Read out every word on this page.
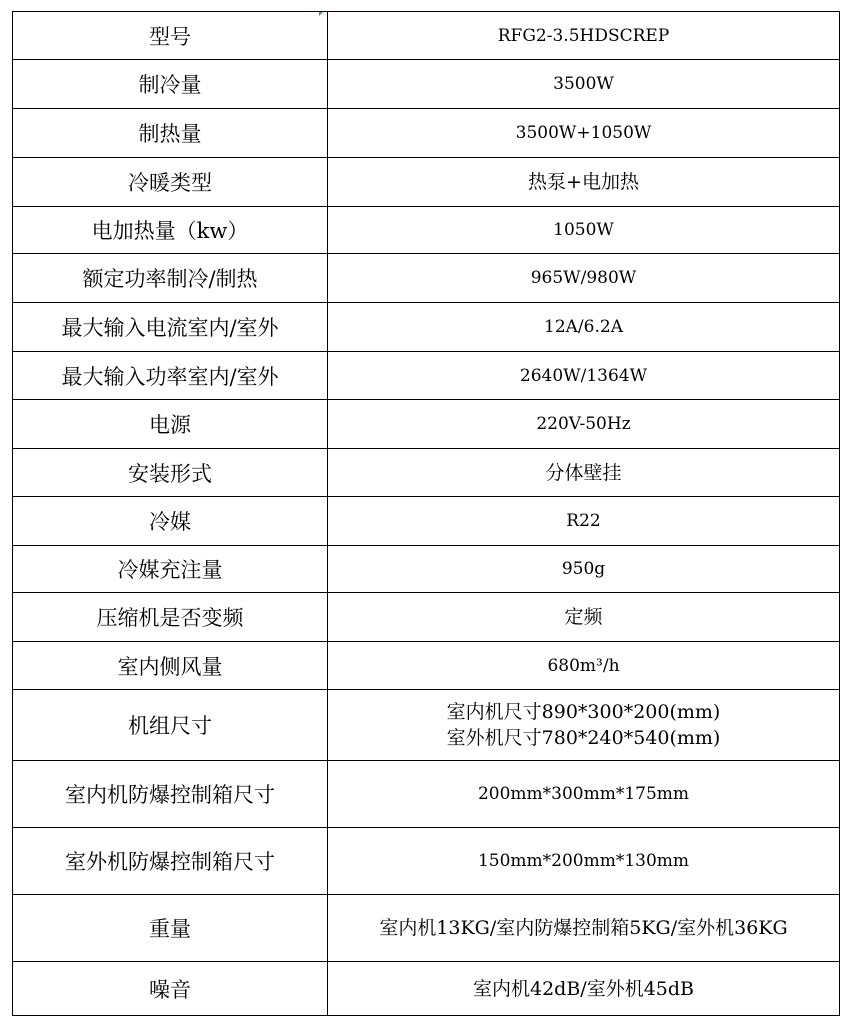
型号	RFG2-3.5HDSCREP

制冷量	3500W

制热量	3500W+1050W

冷暖类型	热泵+电加热

电加热量（kw）	1050W

额定功率制冷/制热	965W/980W

最大输入电流室内/室外	12A/6.2A

最大输入功率室内/室外	2640W/1364W

电源	220V-50Hz

安装形式	分体壁挂

冷媒	R22

冷媒充注量	950g

压缩机是否变频	定频

室内侧风量	680m³/h

机组尺寸	室内机尺寸890*300*200(mm)
室外机尺寸780*240*540(mm)

室内机防爆控制箱尺寸	200mm*300mm*175mm

室外机防爆控制箱尺寸	150mm*200mm*130mm

重量	室内机13KG/室内防爆控制箱5KG/室外机36KG

噪音	室内机42dB/室外机45dB
